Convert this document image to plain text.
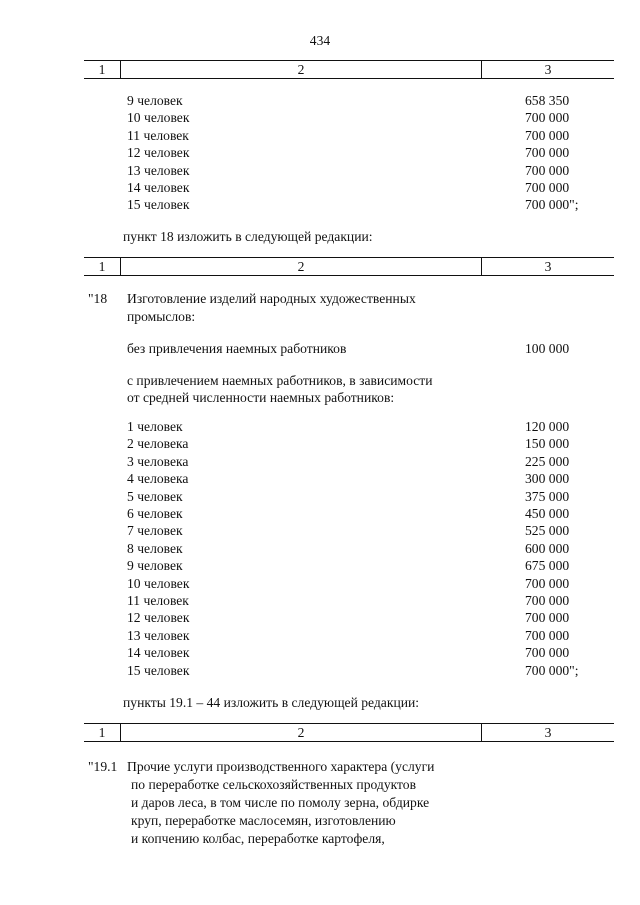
434
1	2	3
9 человек	658 350
10 человек	700 000
11 человек	700 000
12 человек	700 000
13 человек	700 000
14 человек	700 000
15 человек	700 000";
пункт 18 изложить в следующей редакции:
1	2	3
"18 Изготовление изделий народных художественных
промыслов:
без привлечения наемных работников	100 000
с привлечением наемных работников, в зависимости
от средней численности наемных работников:
1 человек	120 000
2 человека	150 000
3 человека	225 000
4 человека	300 000
5 человек	375 000
6 человек	450 000
7 человек	525 000
8 человек	600 000
9 человек	675 000
10 человек	700 000
11 человек	700 000
12 человек	700 000
13 человек	700 000
14 человек	700 000
15 человек	700 000";
пункты 19.1 – 44 изложить в следующей редакции:
1	2	3
"19.1 Прочие услуги производственного характера (услуги
по переработке сельскохозяйственных продуктов
и даров леса, в том числе по помолу зерна, обдирке
круп, переработке маслосемян, изготовлению
и копчению колбас, переработке картофеля,
